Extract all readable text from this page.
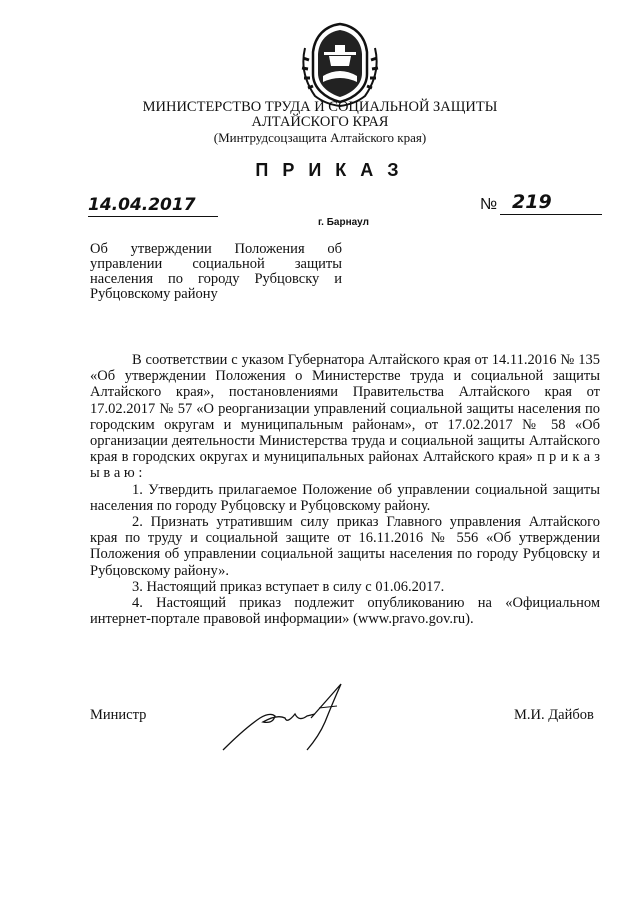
МИНИСТЕРСТВО ТРУДА И СОЦИАЛЬНОЙ ЗАЩИТЫ
АЛТАЙСКОГО КРАЯ
(Минтрудсоцзащита Алтайского края)
ПРИКАЗ
14.04.2017	№ 219
г. Барнаул
Об утверждении Положения об
управлении социальной защиты
населения по городу Рубцовску и
Рубцовскому району

В соответствии с указом Губернатора Алтайского края от 14.11.2016 № 135 «Об утверждении Положения о Министерстве труда и социальной защиты Алтайского края», постановлениями Правительства Алтайского края от 17.02.2017 № 57 «О реорганизации управлений социальной защиты населения по городским округам и муниципальным районам», от 17.02.2017 № 58 «Об организации деятельности Министерства труда и социальной защиты Алтайского края в городских округах и муниципальных районах Алтайского края» п р и к а з ы в а ю :

1. Утвердить прилагаемое Положение об управлении социальной защиты населения по городу Рубцовску и Рубцовскому району.

2. Признать утратившим силу приказ Главного управления Алтайского края по труду и социальной защите от 16.11.2016 № 556 «Об утверждении Положения об управлении социальной защиты населения по городу Рубцовску и Рубцовскому району».

3. Настоящий приказ вступает в силу с 01.06.2017.

4. Настоящий приказ подлежит опубликованию на «Официальном интернет-портале правовой информации» (www.pravo.gov.ru).

Министр	М.И. Дайбов
